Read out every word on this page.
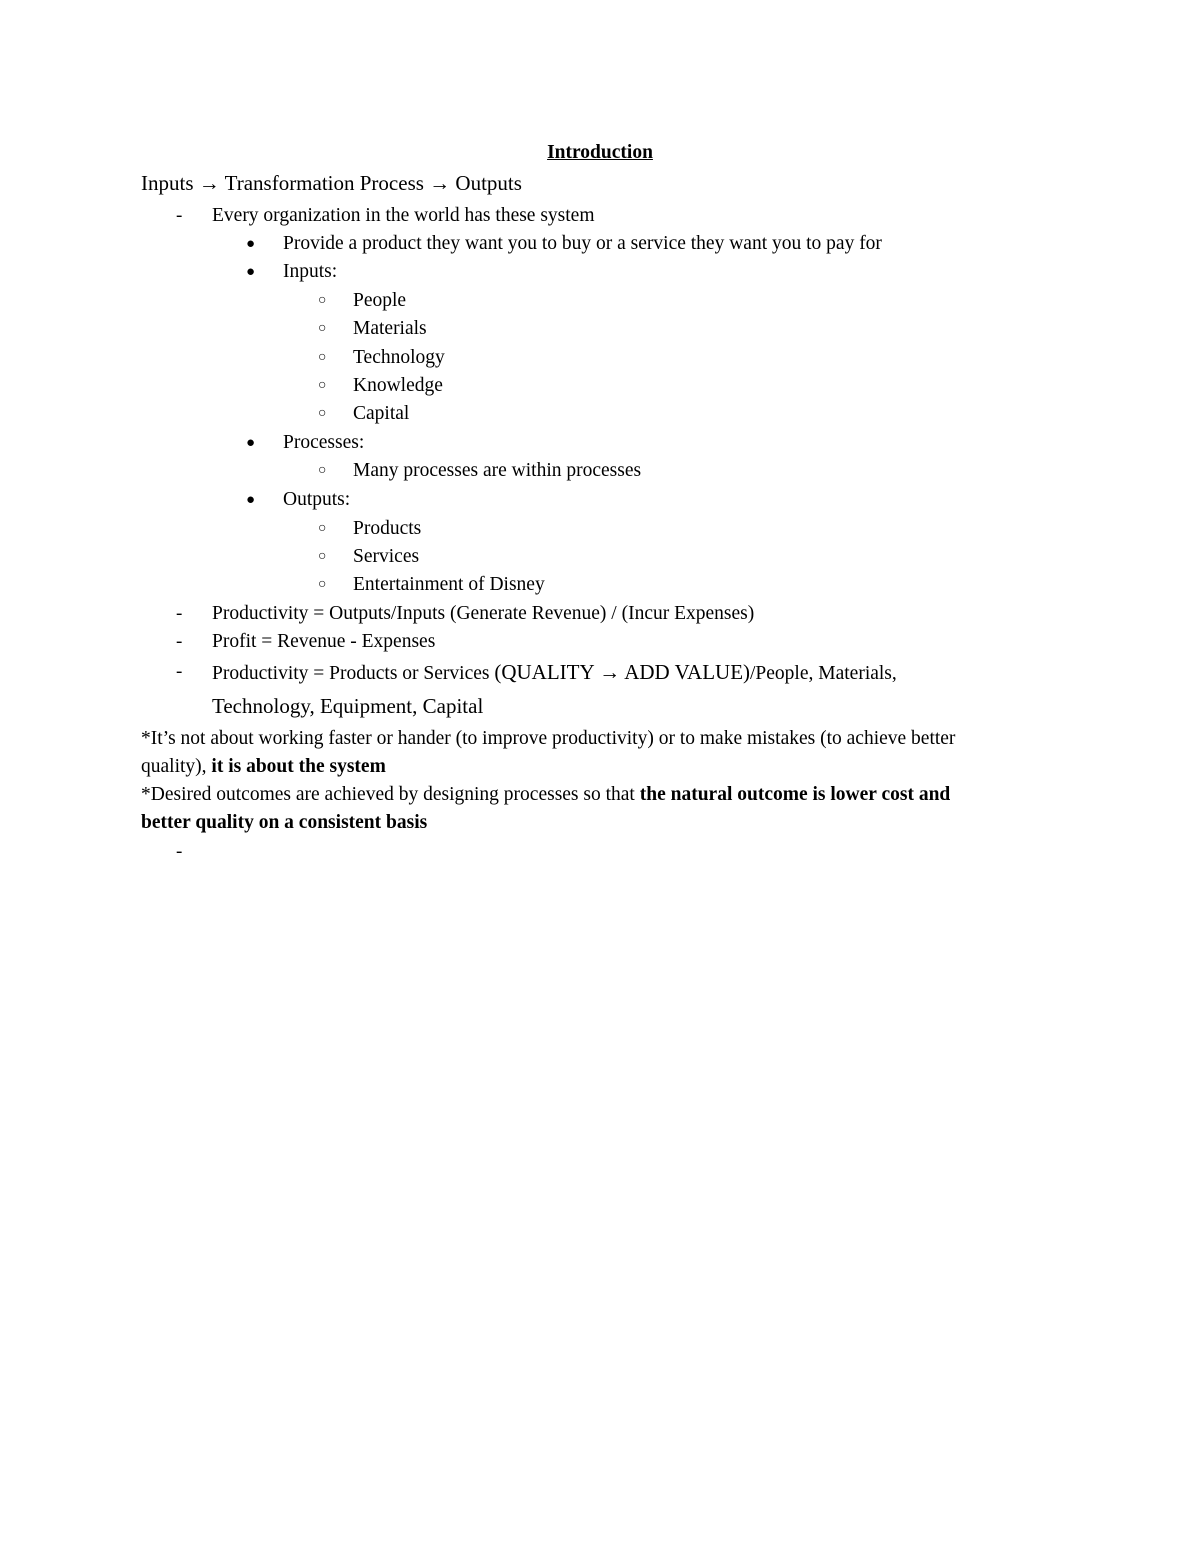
Introduction
Inputs → Transformation Process → Outputs
- Every organization in the world has these system
● Provide a product they want you to buy or a service they want you to pay for
● Inputs:
○ People
○ Materials
○ Technology
○ Knowledge
○ Capital
● Processes:
○ Many processes are within processes
● Outputs:
○ Products
○ Services
○ Entertainment of Disney
- Productivity = Outputs/Inputs (Generate Revenue) / (Incur Expenses)
- Profit = Revenue - Expenses
- Productivity = Products or Services (QUALITY → ADD VALUE)/People, Materials,
Technology, Equipment, Capital
*It’s not about working faster or hander (to improve productivity) or to make mistakes (to achieve better
quality), it is about the system
*Desired outcomes are achieved by designing processes so that the natural outcome is lower cost and
better quality on a consistent basis
-
